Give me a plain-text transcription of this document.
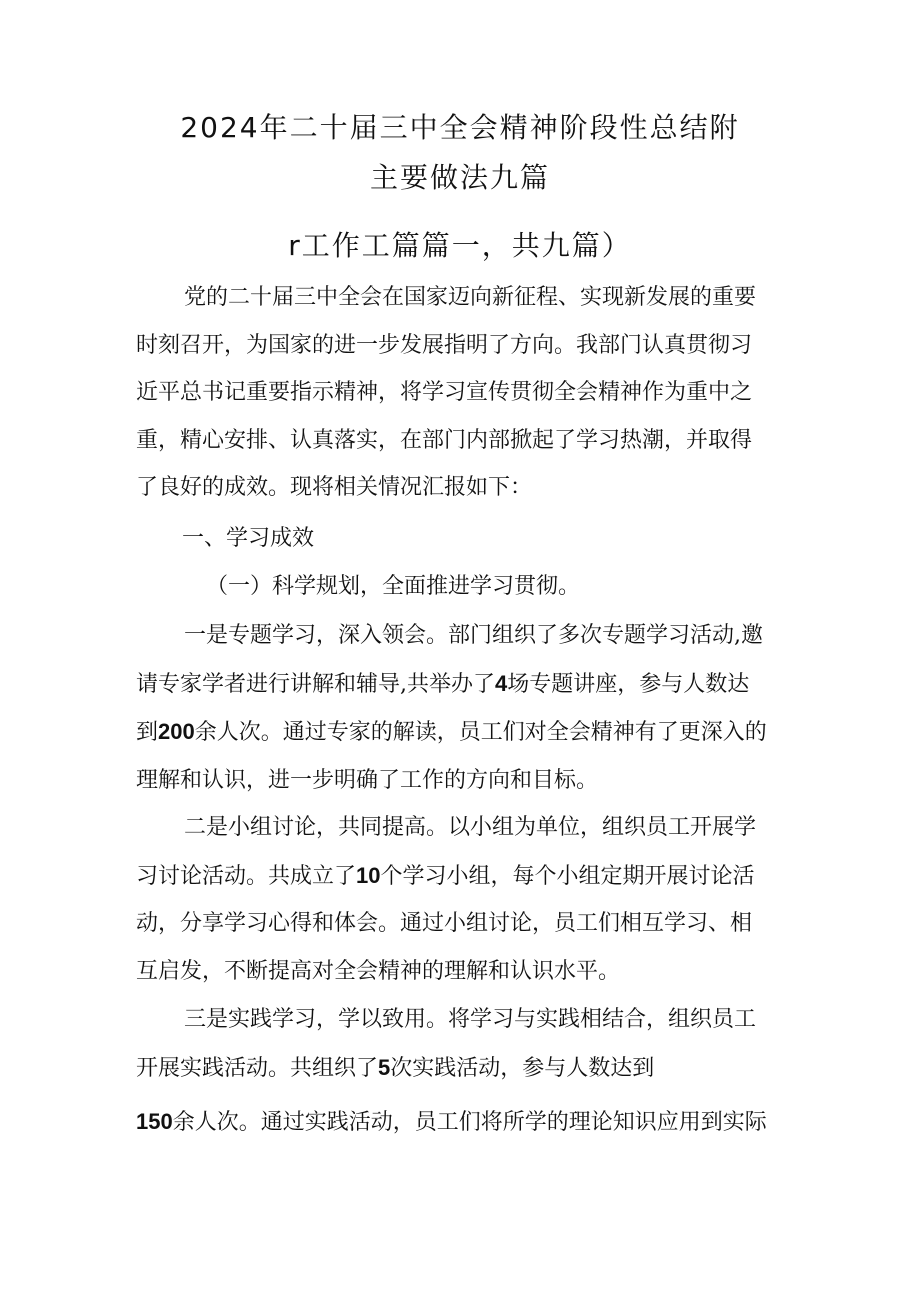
2024年二十届三中全会精神阶段性总结附
主要做法九篇
r工作工篇篇一，共九篇）
党的二十届三中全会在国家迈向新征程、实现新发展的重要
时刻召开，为国家的进一步发展指明了方向。我部门认真贯彻习
近平总书记重要指示精神，将学习宣传贯彻全会精神作为重中之
重，精心安排、认真落实，在部门内部掀起了学习热潮，并取得
了良好的成效。现将相关情况汇报如下：
一、学习成效
（一）科学规划，全面推进学习贯彻。
一是专题学习，深入领会。部门组织了多次专题学习活动,邀
请专家学者进行讲解和辅导,共举办了4场专题讲座，参与人数达
到200余人次。通过专家的解读，员工们对全会精神有了更深入的
理解和认识，进一步明确了工作的方向和目标。
二是小组讨论，共同提高。以小组为单位，组织员工开展学
习讨论活动。共成立了10个学习小组，每个小组定期开展讨论活
动，分享学习心得和体会。通过小组讨论，员工们相互学习、相
互启发，不断提高对全会精神的理解和认识水平。
三是实践学习，学以致用。将学习与实践相结合，组织员工
开展实践活动。共组织了5次实践活动，参与人数达到
150余人次。通过实践活动，员工们将所学的理论知识应用到实际
